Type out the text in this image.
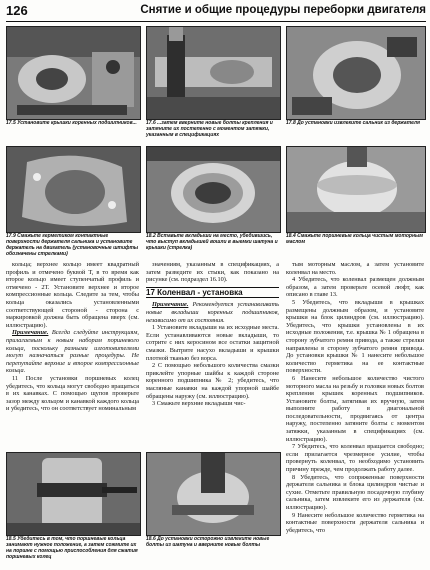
126	Снятие и общие процедуры переборки двигателя
17.5 Установите крышки коренных подшипников...	17.6 ...затем вверните новые болты крепления и затяните их постепенно с моментом затяжки, указанным в спецификациях
17.8 До установки извлеките сальник из держателя
17.9 Смажьте герметиком контактные поверхности держателя сальника и установите держатель на двигатель (установочные штифты обозначены стрелками)
18.2 Вставьте вкладыши на место, убедившись, что выступ вкладышей вошли в выемки шатуна и крышки (стрелка)
18.4 Смажьте поршневые кольца чистым моторным маслом

кольца; верхнее кольцо имеет квадратный профиль и отмечено буквой T, в то время как второе кольцо имеет ступенчатый профиль и отмечено - 2T. Установите верхнее и второе компрессионные кольца. Следите за тем, чтобы кольца оказались установленными соответствующей стороной - сторона с маркировкой должна быть обращена вверх (см. иллюстрацию).

Примечание. Всегда следуйте инструкциям, прилагаемым к новым наборам поршневого кольца, поскольку разными изготовителями могут назначаться разные процедуры. Не перепутайте верхние и второе компрессионные кольца.

11 После установки поршневых колец убедитесь, что кольца могут свободно вращаться в их канавках. С помощью щупов проверьте зазор между кольцом и канавкой каждого кольца и убедитесь, что он соответствует номинальным

значениям, указанным в спецификациях, а затем разведите их стыки, как показано на рисунке (см. подраздел 16.10).

17 Коленвал - установка

Примечание. Рекомендуется устанавливать новые вкладыши коренных подшипников, независимо от их состояния.

1 Установите вкладыши на их исходные места. Если устанавливаются новые вкладыши, то сотрите с них керосином все остатки защитной смазки. Вытрите насухо вкладыши и крышки плотной тканью без ворса.

2 С помощью небольшого количества смазки приклейте упорные шайбы к каждой стороне коренного подшипника № 2; убедитесь, что масляные канавки на каждой упорной шайбе обращены наружу (см. иллюстрацию).

3 Смажьте верхние вкладыши чис-

тым моторным маслом, а затем установите коленвал на место.

4 Убедитесь, что коленвал размещен должным образом, а затем проверьте осевой люфт, как описано в главе 13.

5 Убедитесь, что вкладыши в крышках размещены должным образом, и установите крышки на блок цилиндров (см. иллюстрацию). Убедитесь, что крышки установлены в их исходные положения, т.е. крышка № 1 обращена в сторону зубчатого ремня привода, а также стрелки направлены в сторону зубчатого ремня привода. До установки крышки № 1 нанесите небольшое количество герметика на ее контактные поверхности.

6 Нанесите небольшое количество чистого моторного масла на резьбу и головки новых болтов крепления крышек коренных подшипников. Установите болты, затягивая их вручную, затем выполните работу в диагональной последовательности, продвигаясь от центра наружу, постепенно затяните болты с моментом затяжки, указанным в спецификациях (см. иллюстрацию).

7 Убедитесь, что коленвал вращается свободно; если прилагается чрезмерное усилие, чтобы провернуть коленвал, то необходимо установить причину прежде, чем продолжать работу далее.

8 Убедитесь, что сопряженные поверхности держателя сальника и блока цилиндров чистые и сухие. Отметьте правильную посадочную глубину сальника, затем извлеките его из держателя (см. иллюстрацию).

9 Нанесите небольшое количество герметика на контактные поверхности держателя сальника и убедитесь, что

18.5 Убедитесь в том, что поршневые кольца занимают нужное положение, а затем сожмите их на поршне с помощью приспособления для сжатия поршневых колец
18.6 До установки осторожно извлеките новые болты из шатуна и вверните новые болты
